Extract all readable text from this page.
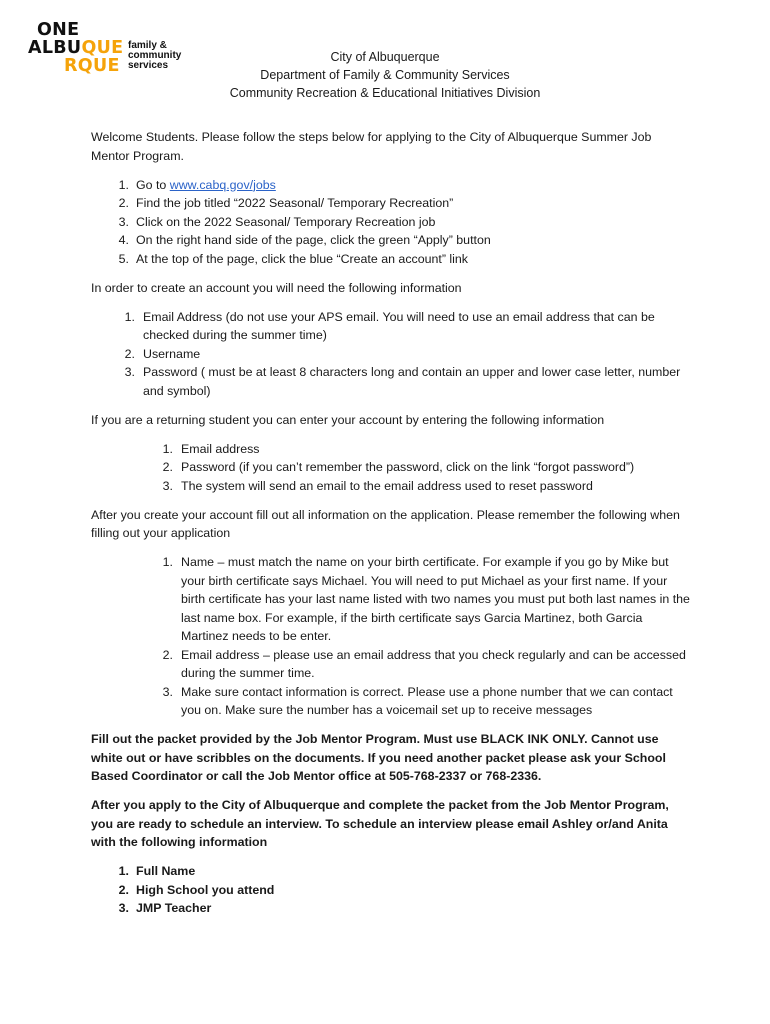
ONE
ALBUQUE
RQUE
family &
community
services
City of Albuquerque
Department of Family & Community Services
Community Recreation & Educational Initiatives Division

Welcome Students. Please follow the steps below for applying to the City of Albuquerque Summer Job Mentor Program.

1. Go to www.cabq.gov/jobs
2. Find the job titled “2022 Seasonal/ Temporary Recreation”
3. Click on the 2022 Seasonal/ Temporary Recreation job
4. On the right hand side of the page, click the green “Apply” button
5. At the top of the page, click the blue “Create an account” link

In order to create an account you will need the following information

1. Email Address (do not use your APS email. You will need to use an email address that can be checked during the summer time)
2. Username
3. Password ( must be at least 8 characters long and contain an upper and lower case letter, number and symbol)

If you are a returning student you can enter your account by entering the following information

1. Email address
2. Password (if you can’t remember the password, click on the link “forgot password”)
3. The system will send an email to the email address used to reset password

After you create your account fill out all information on the application. Please remember the following when filling out your application

1. Name – must match the name on your birth certificate. For example if you go by Mike but your birth certificate says Michael. You will need to put Michael as your first name. If your birth certificate has your last name listed with two names you must put both last names in the last name box. For example, if the birth certificate says Garcia Martinez, both Garcia Martinez needs to be enter.
2. Email address – please use an email address that you check regularly and can be accessed during the summer time.
3. Make sure contact information is correct. Please use a phone number that we can contact you on. Make sure the number has a voicemail set up to receive messages

Fill out the packet provided by the Job Mentor Program. Must use BLACK INK ONLY. Cannot use white out or have scribbles on the documents. If you need another packet please ask your School Based Coordinator or call the Job Mentor office at 505-768-2337 or 768-2336.

After you apply to the City of Albuquerque and complete the packet from the Job Mentor Program, you are ready to schedule an interview. To schedule an interview please email Ashley or/and Anita with the following information

1. Full Name
2. High School you attend
3. JMP Teacher
